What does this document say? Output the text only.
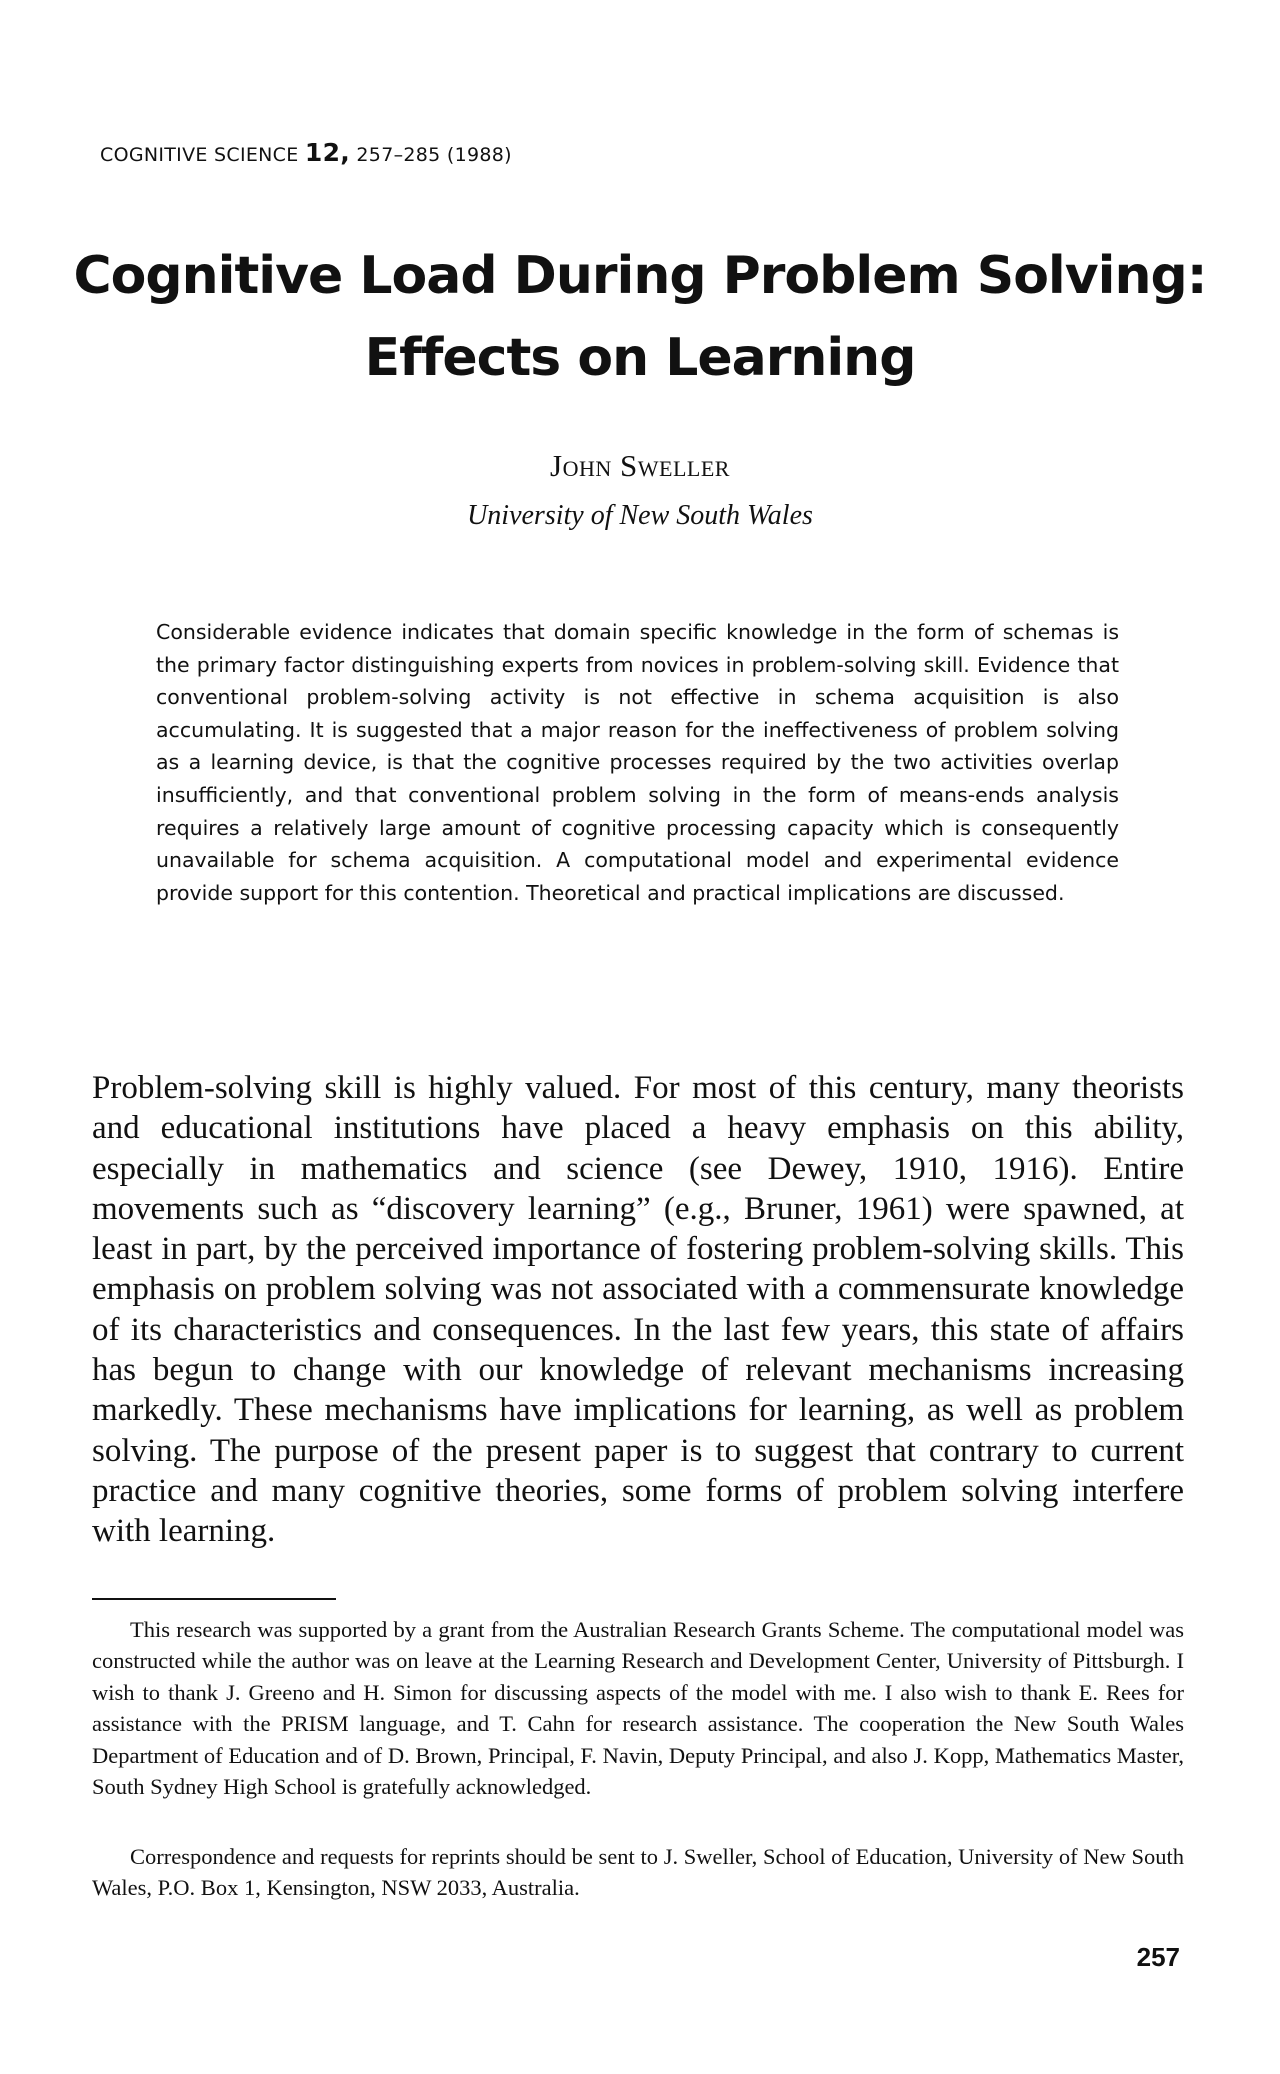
COGNITIVE SCIENCE 12, 257–285 (1988)
Cognitive Load During Problem Solving:
Effects on Learning
John Sweller
University of New South Wales
Considerable evidence indicates that domain specific knowledge in the form of schemas is the primary factor distinguishing experts from novices in problem-solving skill. Evidence that conventional problem-solving activity is not effective in schema acquisition is also accumulating. It is suggested that a major reason for the ineffectiveness of problem solving as a learning device, is that the cognitive processes required by the two activities overlap insufficiently, and that conventional problem solving in the form of means-ends analysis requires a relatively large amount of cognitive processing capacity which is consequently unavailable for schema acquisition. A computational model and experimental evidence provide support for this contention. Theoretical and practical implications are discussed.
Problem-solving skill is highly valued. For most of this century, many theorists and educational institutions have placed a heavy emphasis on this ability, especially in mathematics and science (see Dewey, 1910, 1916). Entire movements such as “discovery learning” (e.g., Bruner, 1961) were spawned, at least in part, by the perceived importance of fostering problem-solving skills. This emphasis on problem solving was not associated with a commensurate knowledge of its characteristics and consequences. In the last few years, this state of affairs has begun to change with our knowledge of relevant mechanisms increasing markedly. These mechanisms have implications for learning, as well as problem solving. The purpose of the present paper is to suggest that contrary to current practice and many cognitive theories, some forms of problem solving interfere with learning.
This research was supported by a grant from the Australian Research Grants Scheme. The computational model was constructed while the author was on leave at the Learning Research and Development Center, University of Pittsburgh. I wish to thank J. Greeno and H. Simon for discussing aspects of the model with me. I also wish to thank E. Rees for assistance with the PRISM language, and T. Cahn for research assistance. The cooperation the New South Wales Department of Education and of D. Brown, Principal, F. Navin, Deputy Principal, and also J. Kopp, Mathematics Master, South Sydney High School is gratefully acknowledged.
Correspondence and requests for reprints should be sent to J. Sweller, School of Education, University of New South Wales, P.O. Box 1, Kensington, NSW 2033, Australia.
257
